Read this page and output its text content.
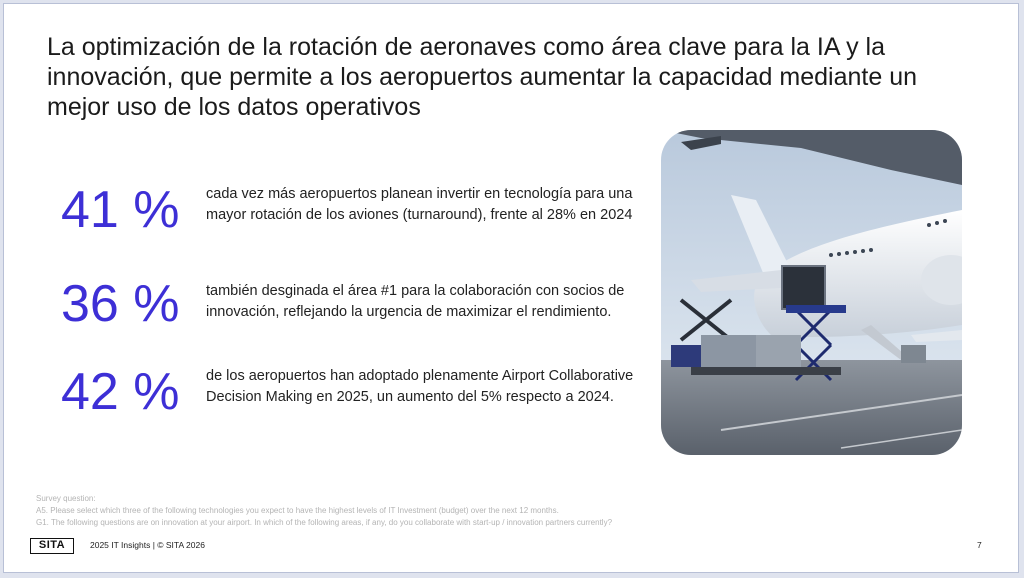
La optimización de la rotación de aeronaves como área clave para la IA y la innovación, que permite a los aeropuertos aumentar la capacidad mediante un mejor uso de los datos operativos
41 % cada vez más aeropuertos planean invertir en tecnología para una mayor rotación de los aviones (turnaround), frente al 28% en 2024
36 % también desginada el área #1 para la colaboración con socios de innovación, reflejando la urgencia de maximizar el rendimiento.
42 % de los aeropuertos han adoptado plenamente Airport Collaborative Decision Making en 2025, un aumento del 5% respecto a 2024.
Survey question:
A5. Please select which three of the following technologies you expect to have the highest levels of IT Investment (budget) over the next 12 months.
G1. The following questions are on innovation at your airport. In which of the following areas, if any, do you collaborate with start-up / innovation partners currently?
SITA	2025 IT Insights | © SITA 2026	7
